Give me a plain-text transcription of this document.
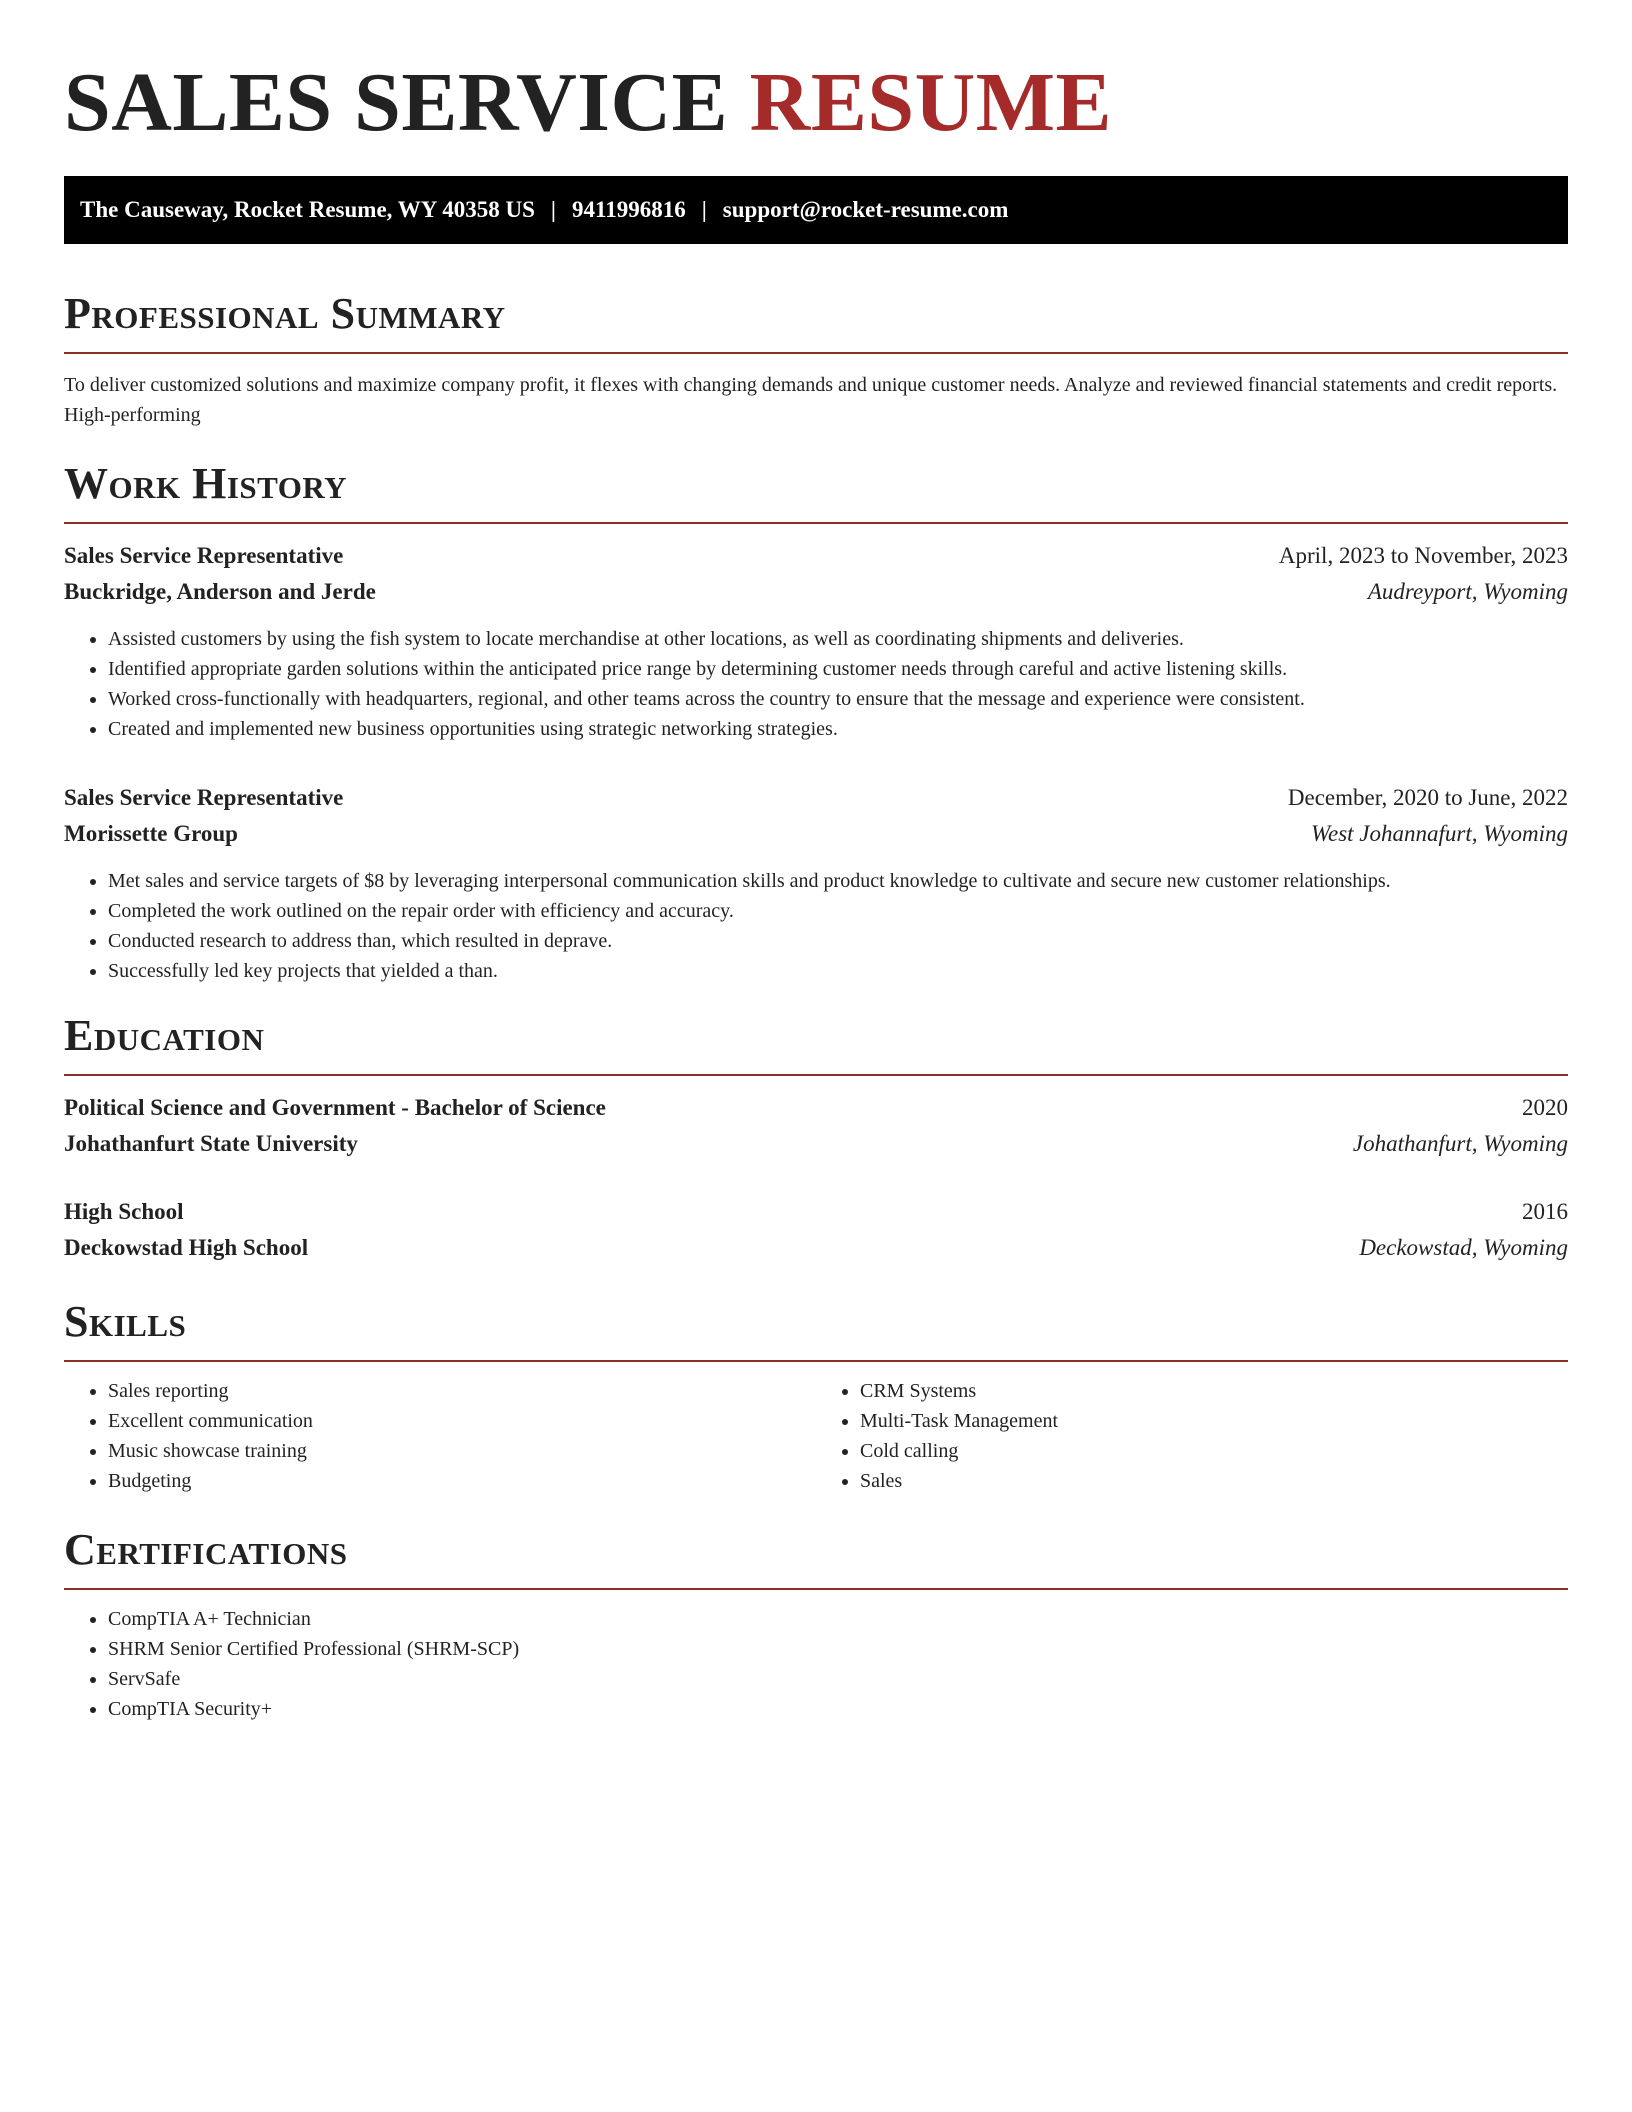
SALES SERVICE RESUME
The Causeway, Rocket Resume, WY 40358 US | 9411996816 | support@rocket-resume.com
Professional Summary

To deliver customized solutions and maximize company profit, it flexes with changing demands and unique customer needs. Analyze and reviewed financial statements and credit reports. High-performing

Work History
Sales Service Representative	April, 2023 to November, 2023
Buckridge, Anderson and Jerde	Audreyport, Wyoming
• Assisted customers by using the fish system to locate merchandise at other locations, as well as coordinating shipments and deliveries.
• Identified appropriate garden solutions within the anticipated price range by determining customer needs through careful and active listening skills.
• Worked cross-functionally with headquarters, regional, and other teams across the country to ensure that the message and experience were consistent.
• Created and implemented new business opportunities using strategic networking strategies.
Sales Service Representative	December, 2020 to June, 2022
Morissette Group	West Johannafurt, Wyoming
• Met sales and service targets of $8 by leveraging interpersonal communication skills and product knowledge to cultivate and secure new customer relationships.
• Completed the work outlined on the repair order with efficiency and accuracy.
• Conducted research to address than, which resulted in deprave.
• Successfully led key projects that yielded a than.
Education
Political Science and Government - Bachelor of Science	2020
Johathanfurt State University	Johathanfurt, Wyoming
High School	2016
Deckowstad High School	Deckowstad, Wyoming
Skills
• Sales reporting
• Excellent communication
• Music showcase training
• Budgeting
• CRM Systems
• Multi-Task Management
• Cold calling
• Sales
Certifications
• CompTIA A+ Technician
• SHRM Senior Certified Professional (SHRM-SCP)
• ServSafe
• CompTIA Security+
